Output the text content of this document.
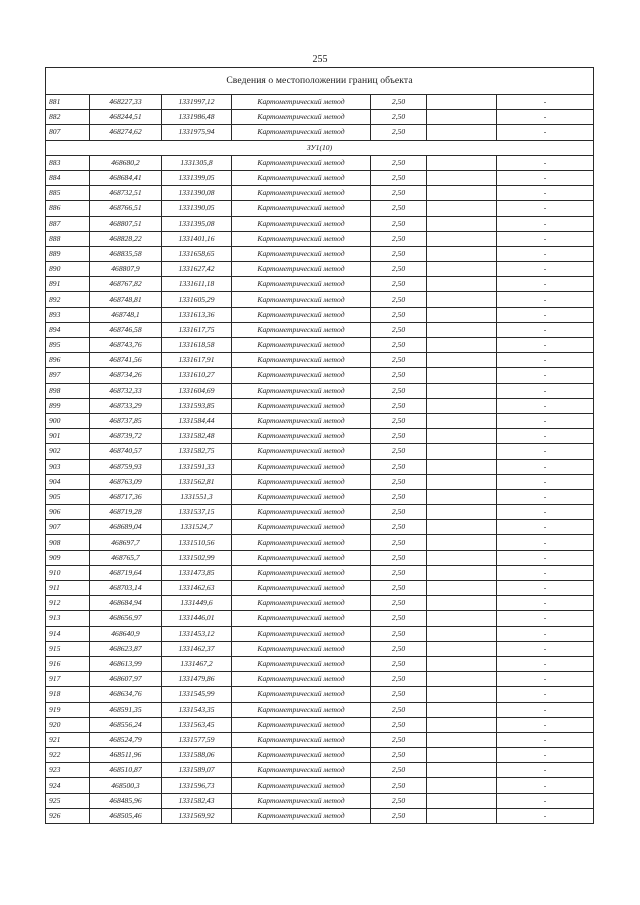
255
Сведения о местоположении границ объекта						
881	468227,33	1331997,12	Картометрический метод	2,50		-
882	468244,51	1331986,48	Картометрический метод	2,50		-
807	468274,62	1331975,94	Картометрический метод	2,50		-
ЗУ1(10)						
883	468680,2	1331305,8	Картометрический метод	2,50		-
884	468684,41	1331399,05	Картометрический метод	2,50		-
885	468732,51	1331390,08	Картометрический метод	2,50		-
886	468766,51	1331390,05	Картометрический метод	2,50		-
887	468807,51	1331395,08	Картометрический метод	2,50		-
888	468828,22	1331401,16	Картометрический метод	2,50		-
889	468835,58	1331658,65	Картометрический метод	2,50		-
890	468807,9	1331627,42	Картометрический метод	2,50		-
891	468767,82	1331611,18	Картометрический метод	2,50		-
892	468748,81	1331605,29	Картометрический метод	2,50		-
893	468748,1	1331613,36	Картометрический метод	2,50		-
894	468746,58	1331617,75	Картометрический метод	2,50		-
895	468743,76	1331618,58	Картометрический метод	2,50		-
896	468741,56	1331617,91	Картометрический метод	2,50		-
897	468734,26	1331610,27	Картометрический метод	2,50		-
898	468732,33	1331604,69	Картометрический метод	2,50		-
899	468733,29	1331593,85	Картометрический метод	2,50		-
900	468737,85	1331584,44	Картометрический метод	2,50		-
901	468739,72	1331582,48	Картометрический метод	2,50		-
902	468740,57	1331582,75	Картометрический метод	2,50		-
903	468759,93	1331591,33	Картометрический метод	2,50		-
904	468763,09	1331562,81	Картометрический метод	2,50		-
905	468717,36	1331551,3	Картометрический метод	2,50		-
906	468719,28	1331537,15	Картометрический метод	2,50		-
907	468689,04	1331524,7	Картометрический метод	2,50		-
908	468697,7	1331510,56	Картометрический метод	2,50		-
909	468765,7	1331502,99	Картометрический метод	2,50		-
910	468719,64	1331473,85	Картометрический метод	2,50		-
911	468703,14	1331462,63	Картометрический метод	2,50		-
912	468684,94	1331449,6	Картометрический метод	2,50		-
913	468656,97	1331446,01	Картометрический метод	2,50		-
914	468640,9	1331453,12	Картометрический метод	2,50		-
915	468623,87	1331462,37	Картометрический метод	2,50		-
916	468613,99	1331467,2	Картометрический метод	2,50		-
917	468607,97	1331479,86	Картометрический метод	2,50		-
918	468634,76	1331545,99	Картометрический метод	2,50		-
919	468591,35	1331543,35	Картометрический метод	2,50		-
920	468556,24	1331563,45	Картометрический метод	2,50		-
921	468524,79	1331577,59	Картометрический метод	2,50		-
922	468511,96	1331588,06	Картометрический метод	2,50		-
923	468510,87	1331589,07	Картометрический метод	2,50		-
924	468500,3	1331596,73	Картометрический метод	2,50		-
925	468485,96	1331582,43	Картометрический метод	2,50		-
926	468505,46	1331569,92	Картометрический метод	2,50		-
